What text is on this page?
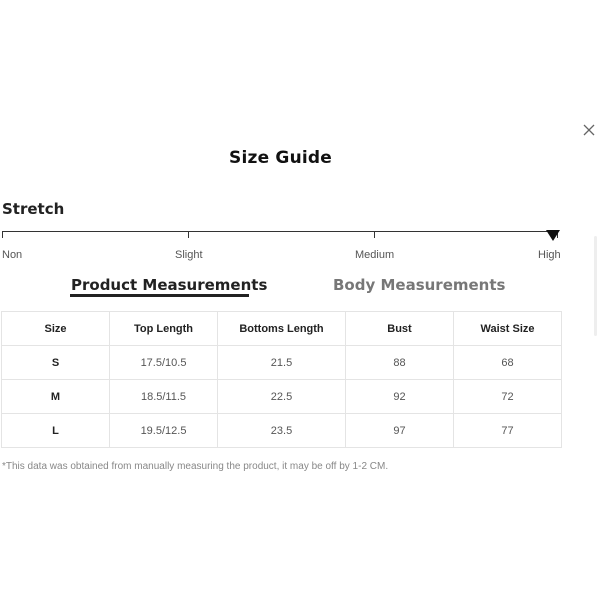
Size Guide
Stretch
Non	Slight	Medium	High
Product Measurements	Body Measurements
Size	Top Length	Bottoms Length	Bust	Waist Size
S	17.5/10.5	21.5	88	68
M	18.5/11.5	22.5	92	72
L	19.5/12.5	23.5	97	77
*This data was obtained from manually measuring the product, it may be off by 1-2 CM.
